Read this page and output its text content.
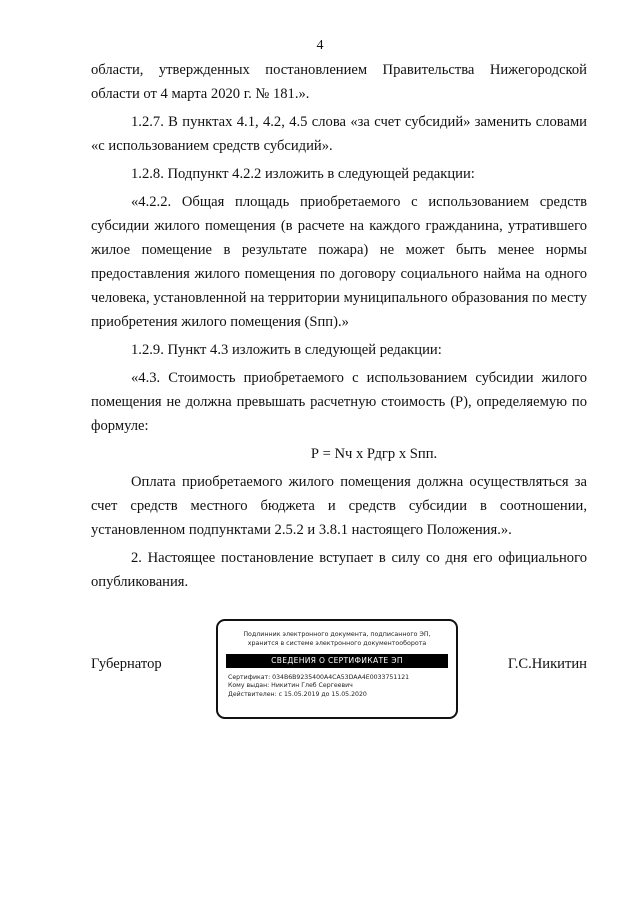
4

области, утвержденных постановлением Правительства Нижегородской области от 4 марта 2020 г. № 181.».

1.2.7. В пунктах 4.1, 4.2, 4.5 слова «за счет субсидий» заменить словами «с использованием средств субсидий».

1.2.8. Подпункт 4.2.2 изложить в следующей редакции:

«4.2.2. Общая площадь приобретаемого с использованием средств субсидии жилого помещения (в расчете на каждого гражданина, утратившего жилое помещение в результате пожара) не может быть менее нормы предоставления жилого помещения по договору социального найма на одного человека, установленной на территории муниципального образования по месту приобретения жилого помещения (Sпп).»

1.2.9. Пункт 4.3 изложить в следующей редакции:

«4.3. Стоимость приобретаемого с использованием субсидии жилого помещения не должна превышать расчетную стоимость (Р), определяемую по формуле:

Р = Nч х Рдгр х Sпп.

Оплата приобретаемого жилого помещения должна осуществляться за счет средств местного бюджета и средств субсидии в соотношении, установленном подпунктами 2.5.2 и 3.8.1 настоящего Положения.».

2. Настоящее постановление вступает в силу со дня его официального опубликования.

Губернатор	Г.С.Никитин
Подлинник электронного документа, подписанного ЭП,
хранится в системе электронного документооборота
СВЕДЕНИЯ О СЕРТИФИКАТЕ ЭП
Сертификат: 034B6B9235400A4CA53DAA4E0033751121
Кому выдан: Никитин Глеб Сергеевич
Действителен: с 15.05.2019 до 15.05.2020
